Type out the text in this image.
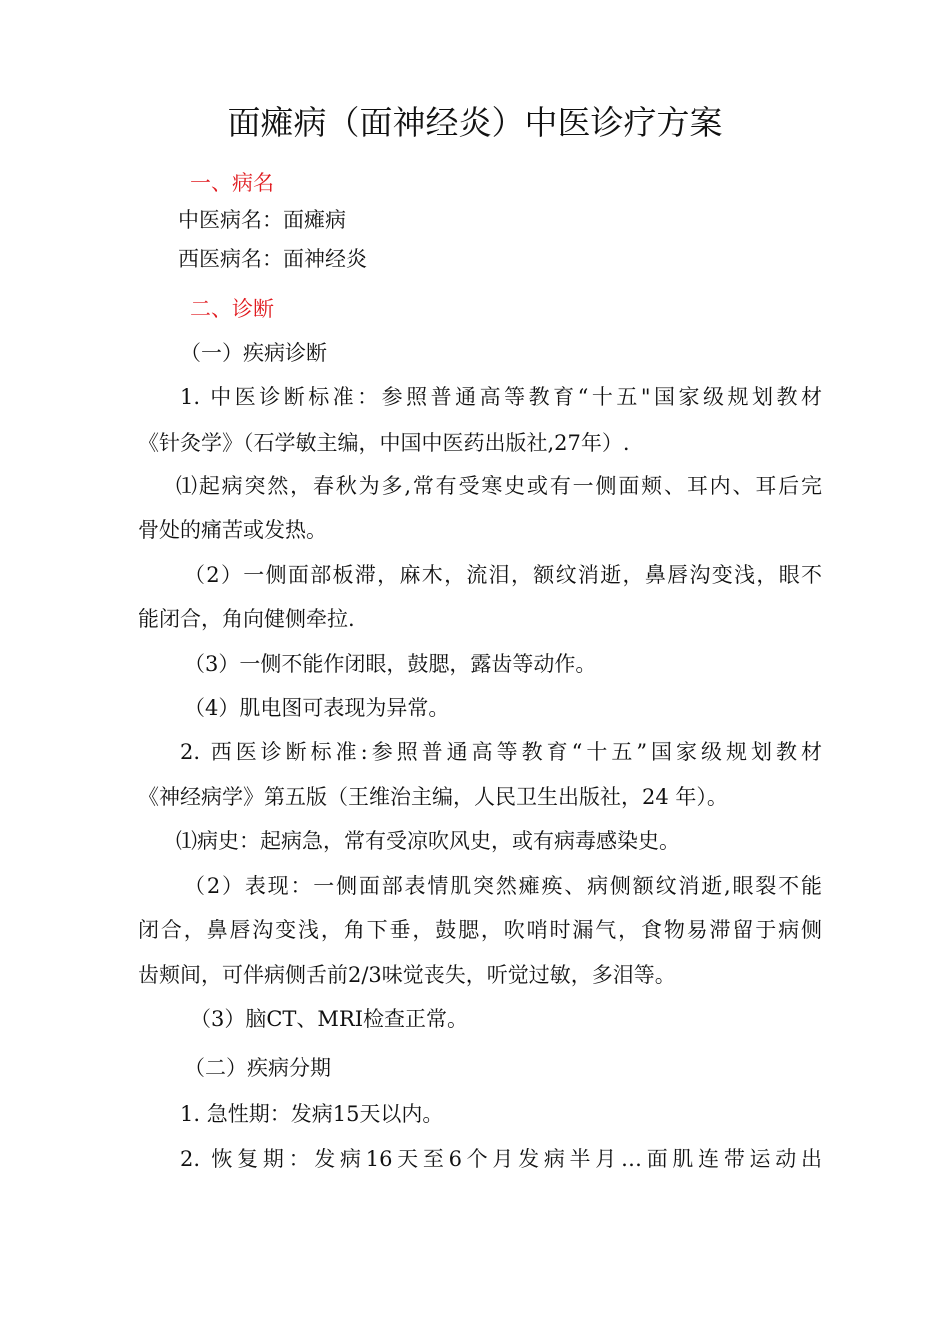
面瘫病（面神经炎）中医诊疗方案
一、病名
中医病名：面瘫病
西医病名：面神经炎
二、诊断
（一）疾病诊断
1. 中医诊断标准：参照普通高等教育“十五"国家级规划教材
《针灸学》（石学敏主编，中国中医药出版社,27年）.
⑴起病突然，春秋为多,常有受寒史或有一侧面颊、耳内、耳后完
骨处的痛苦或发热。
（2）一侧面部板滞，麻木，流泪，额纹消逝，鼻唇沟变浅，眼不
能闭合，角向健侧牵拉.
（3）一侧不能作闭眼，鼓腮，露齿等动作。
（4）肌电图可表现为异常。
2. 西医诊断标准:参照普通高等教育“十五”国家级规划教材
《神经病学》第五版（王维治主编，人民卫生出版社，24 年）。
⑴病史：起病急，常有受凉吹风史，或有病毒感染史。
（2）表现：一侧面部表情肌突然瘫痪、病侧额纹消逝,眼裂不能
闭合，鼻唇沟变浅，角下垂，鼓腮，吹哨时漏气，食物易滞留于病侧
齿颊间，可伴病侧舌前2/3味觉丧失，听觉过敏，多泪等。
（3）脑CT、MRI检查正常。
（二）疾病分期
1. 急性期：发病15天以内。
2. 恢复期：发病16天至6个月发病半月…面肌连带运动出
